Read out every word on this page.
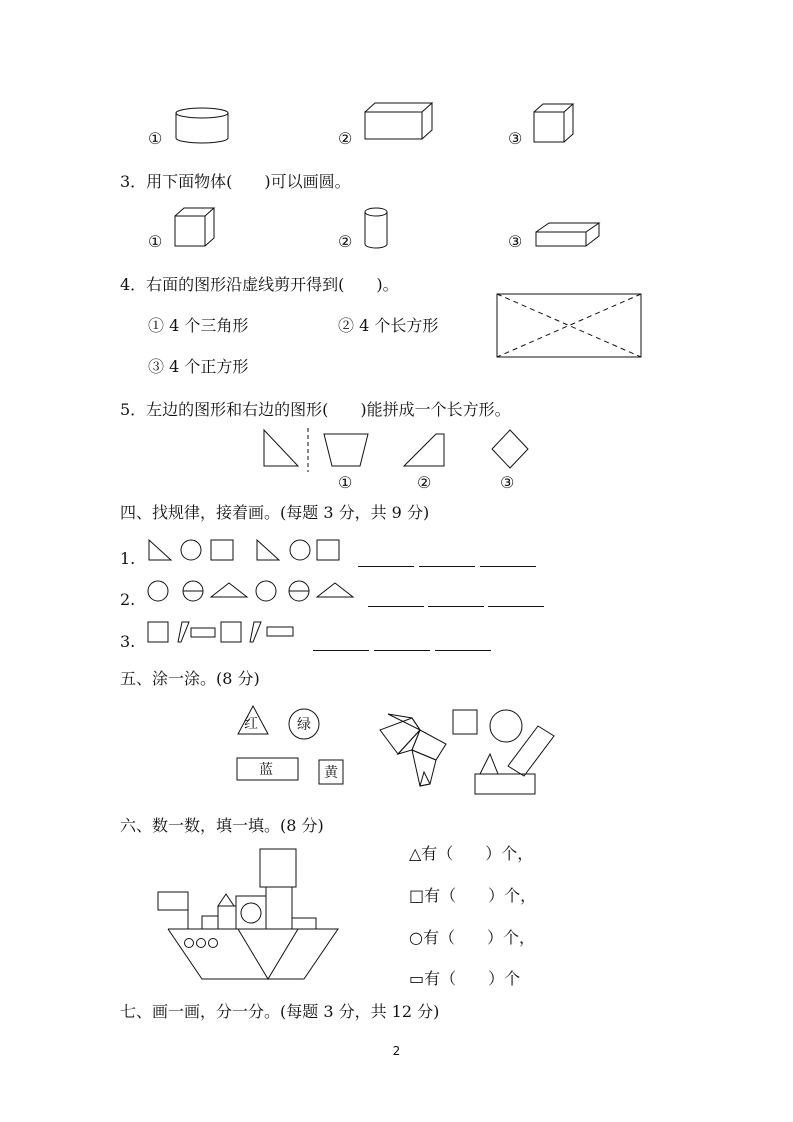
①	②	③
3．用下面物体(　　)可以画圆。
①	②	③
4．右面的图形沿虚线剪开得到(　　)。
① 4 个三角形	② 4 个长方形
③ 4 个正方形
5．左边的图形和右边的图形(　　)能拼成一个长方形。
①	②	③
四、找规律，接着画。(每题 3 分，共 9 分)
1.
2.
3.
五、涂一涂。(8 分)
红	绿
蓝	黄
六、数一数，填一填。(8 分)
△有（　　）个，
□有（　　）个，
○有（　　）个，
▭有（　　）个
七、画一画，分一分。(每题 3 分，共 12 分)
2
